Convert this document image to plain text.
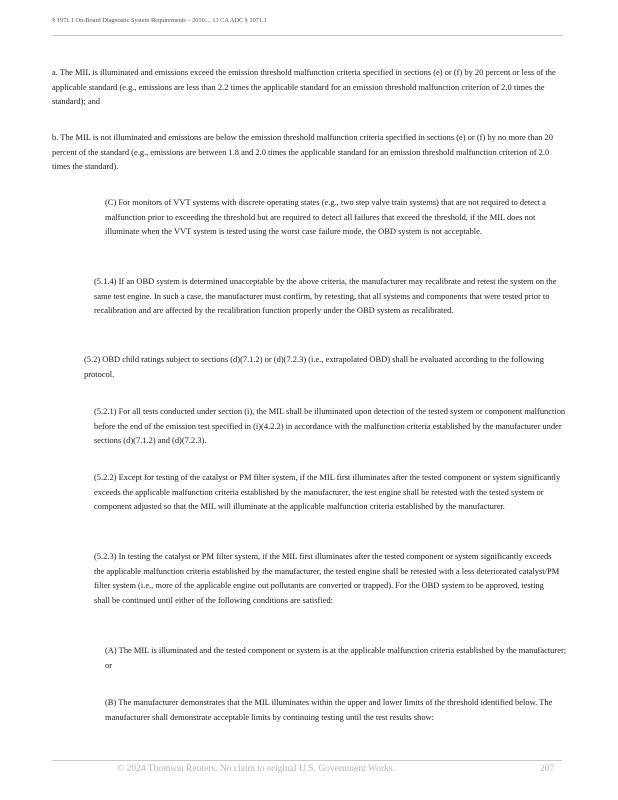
§ 1971.1 On-Board Diagnostic System Requirements – 2010..., 13 CA ADC § 1971.1

a. The MIL is illuminated and emissions exceed the emission threshold malfunction criteria specified in sections (e) or (f) by 20 percent or less of the applicable standard (e.g., emissions are less than 2.2 times the applicable standard for an emission threshold malfunction criterion of 2.0 times the standard); and

b. The MIL is not illuminated and emissions are below the emission threshold malfunction criteria specified in sections (e) or (f) by no more than 20 percent of the standard (e.g., emissions are between 1.8 and 2.0 times the applicable standard for an emission threshold malfunction criterion of 2.0 times the standard).

(C) For monitors of VVT systems with discrete operating states (e.g., two step valve train systems) that are not required to detect a malfunction prior to exceeding the threshold but are required to detect all failures that exceed the threshold, if the MIL does not illuminate when the VVT system is tested using the worst case failure mode, the OBD system is not acceptable.

(5.1.4) If an OBD system is determined unacceptable by the above criteria, the manufacturer may recalibrate and retest the system on the same test engine. In such a case, the manufacturer must confirm, by retesting, that all systems and components that were tested prior to recalibration and are affected by the recalibration function properly under the OBD system as recalibrated.

(5.2) OBD child ratings subject to sections (d)(7.1.2) or (d)(7.2.3) (i.e., extrapolated OBD) shall be evaluated according to the following protocol.

(5.2.1) For all tests conducted under section (i), the MIL shall be illuminated upon detection of the tested system or component malfunction before the end of the emission test specified in (i)(4.2.2) in accordance with the malfunction criteria established by the manufacturer under sections (d)(7.1.2) and (d)(7.2.3).

(5.2.2) Except for testing of the catalyst or PM filter system, if the MIL first illuminates after the tested component or system significantly exceeds the applicable malfunction criteria established by the manufacturer, the test engine shall be retested with the tested system or component adjusted so that the MIL will illuminate at the applicable malfunction criteria established by the manufacturer.

(5.2.3) In testing the catalyst or PM filter system, if the MIL first illuminates after the tested component or system significantly exceeds the applicable malfunction criteria established by the manufacturer, the tested engine shall be retested with a less deteriorated catalyst/PM filter system (i.e., more of the applicable engine out pollutants are converted or trapped). For the OBD system to be approved, testing shall be continued until either of the following conditions are satisfied:

(A) The MIL is illuminated and the tested component or system is at the applicable malfunction criteria established by the manufacturer; or

(B) The manufacturer demonstrates that the MIL illuminates within the upper and lower limits of the threshold identified below. The manufacturer shall demonstrate acceptable limits by continuing testing until the test results show:

© 2024 Thomson Reuters. No claim to original U.S. Government Works.	207
